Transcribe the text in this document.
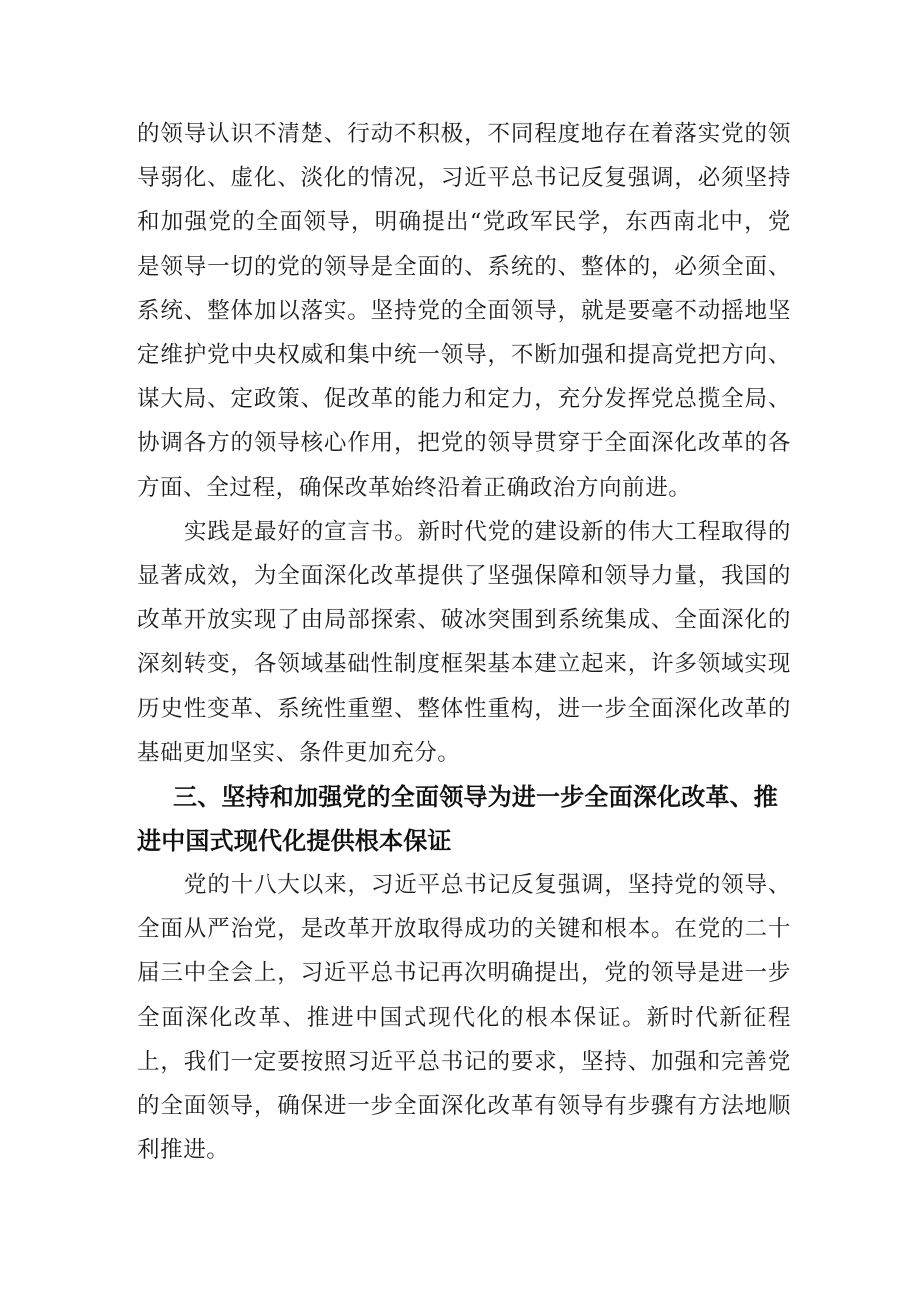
的领导认识不清楚、行动不积极，不同程度地存在着落实党的领导弱化、虚化、淡化的情况，习近平总书记反复强调，必须坚持和加强党的全面领导，明确提出“党政军民学，东西南北中，党是领导一切的党的领导是全面的、系统的、整体的，必须全面、系统、整体加以落实。坚持党的全面领导，就是要毫不动摇地坚定维护党中央权威和集中统一领导，不断加强和提高党把方向、谋大局、定政策、促改革的能力和定力，充分发挥党总揽全局、协调各方的领导核心作用，把党的领导贯穿于全面深化改革的各方面、全过程，确保改革始终沿着正确政治方向前进。

实践是最好的宣言书。新时代党的建设新的伟大工程取得的显著成效，为全面深化改革提供了坚强保障和领导力量，我国的改革开放实现了由局部探索、破冰突围到系统集成、全面深化的深刻转变，各领域基础性制度框架基本建立起来，许多领域实现历史性变革、系统性重塑、整体性重构，进一步全面深化改革的基础更加坚实、条件更加充分。

三、坚持和加强党的全面领导为进一步全面深化改革、推进中国式现代化提供根本保证

党的十八大以来，习近平总书记反复强调，坚持党的领导、全面从严治党，是改革开放取得成功的关键和根本。在党的二十届三中全会上，习近平总书记再次明确提出，党的领导是进一步全面深化改革、推进中国式现代化的根本保证。新时代新征程上，我们一定要按照习近平总书记的要求，坚持、加强和完善党的全面领导，确保进一步全面深化改革有领导有步骤有方法地顺利推进。
